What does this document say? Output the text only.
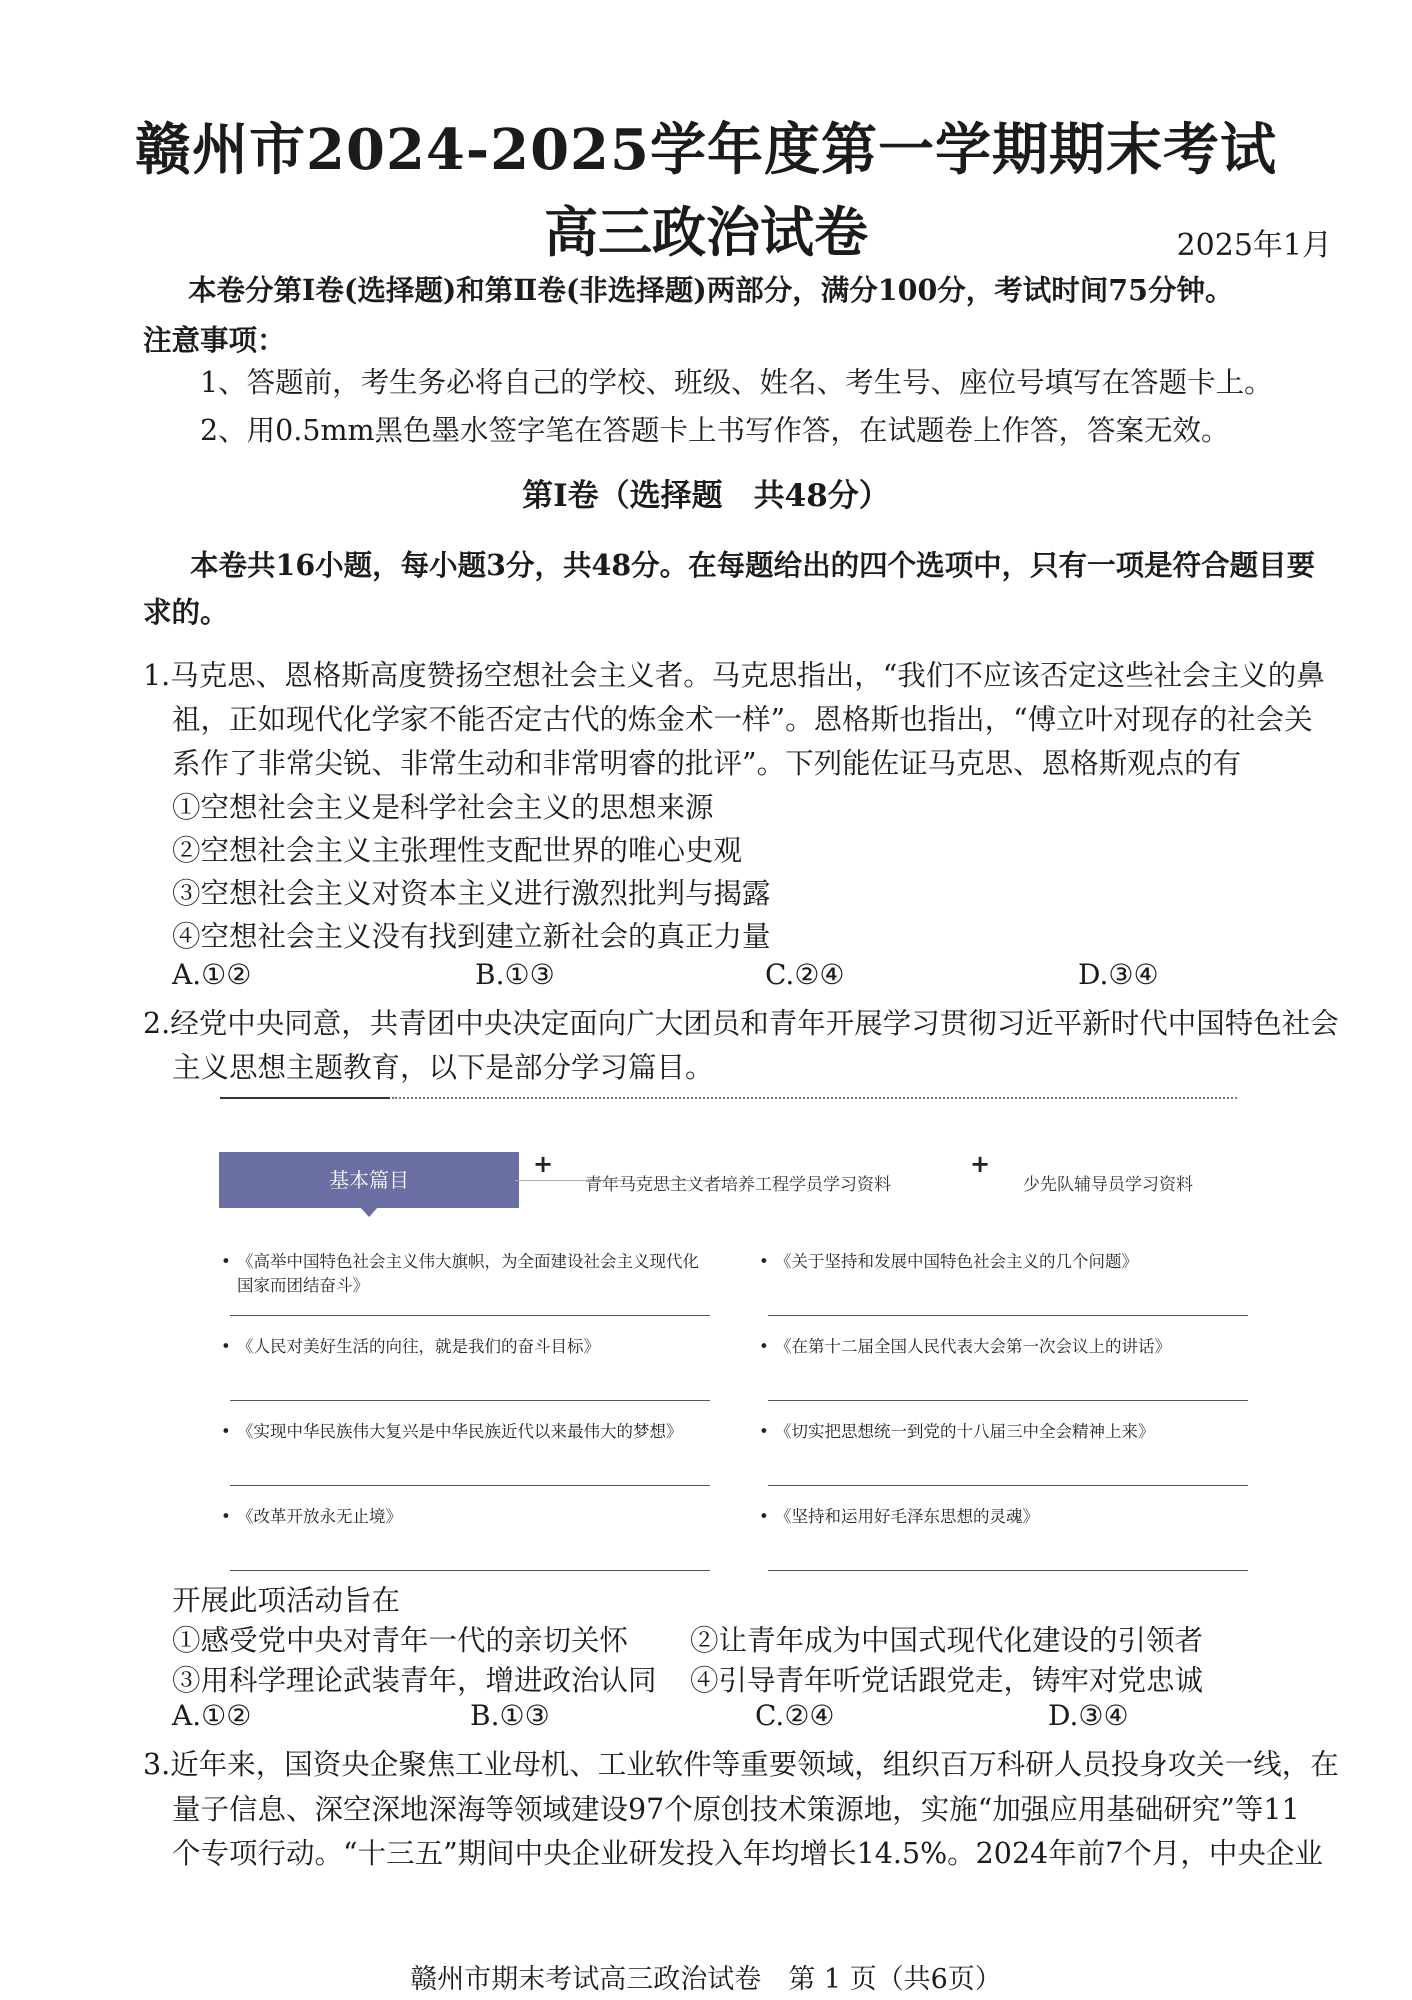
赣州市2024-2025学年度第一学期期末考试
高三政治试卷	2025年1月
本卷分第Ⅰ卷(选择题)和第Ⅱ卷(非选择题)两部分，满分100分，考试时间75分钟。
注意事项：
1、答题前，考生务必将自己的学校、班级、姓名、考生号、座位号填写在答题卡上。
2、用0.5mm黑色墨水签字笔在答题卡上书写作答，在试题卷上作答，答案无效。
第Ⅰ卷（选择题　共48分）
本卷共16小题，每小题3分，共48分。在每题给出的四个选项中，只有一项是符合题目要
求的。
1.马克思、恩格斯高度赞扬空想社会主义者。马克思指出，“我们不应该否定这些社会主义的鼻
祖，正如现代化学家不能否定古代的炼金术一样”。恩格斯也指出，“傅立叶对现存的社会关
系作了非常尖锐、非常生动和非常明睿的批评”。下列能佐证马克思、恩格斯观点的有
①空想社会主义是科学社会主义的思想来源
②空想社会主义主张理性支配世界的唯心史观
③空想社会主义对资本主义进行激烈批判与揭露
④空想社会主义没有找到建立新社会的真正力量
A.①②	B.①③	C.②④	D.③④
2.经党中央同意，共青团中央决定面向广大团员和青年开展学习贯彻习近平新时代中国特色社会
主义思想主题教育，以下是部分学习篇目。
基本篇目
+
青年马克思主义者培养工程学员学习资料
+
少先队辅导员学习资料
• 《高举中国特色社会主义伟大旗帜，为全面建设社会主义现代化国家而团结奋斗》
• 《人民对美好生活的向往，就是我们的奋斗目标》
• 《实现中华民族伟大复兴是中华民族近代以来最伟大的梦想》
• 《改革开放永无止境》
• 《关于坚持和发展中国特色社会主义的几个问题》
• 《在第十二届全国人民代表大会第一次会议上的讲话》
• 《切实把思想统一到党的十八届三中全会精神上来》
• 《坚持和运用好毛泽东思想的灵魂》
开展此项活动旨在
①感受党中央对青年一代的亲切关怀 ②让青年成为中国式现代化建设的引领者
③用科学理论武装青年，增进政治认同 ④引导青年听党话跟党走，铸牢对党忠诚
A.①②	B.①③	C.②④	D.③④
3.近年来，国资央企聚焦工业母机、工业软件等重要领域，组织百万科研人员投身攻关一线，在
量子信息、深空深地深海等领域建设97个原创技术策源地，实施“加强应用基础研究”等11
个专项行动。“十三五”期间中央企业研发投入年均增长14.5%。2024年前7个月，中央企业
赣州市期末考试高三政治试卷　第 1 页（共6页）
